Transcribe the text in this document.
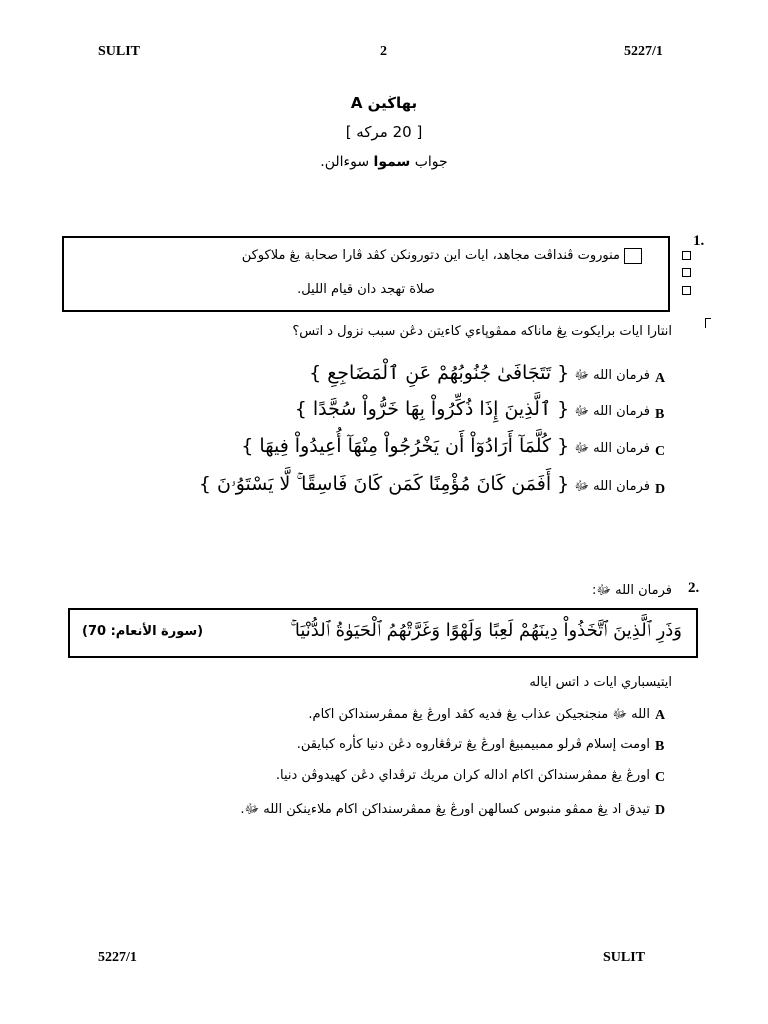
SULIT	2	5227/1
بهاڬين A
[ 20 مركه ]
جواب سموا سوءالن.
1.
منوروت ڤنداڤت مجاهد، ايات اين دتورونكن كڤد ڤارا صحابة يڠ ملاكوكن
صلاة تهجد دان قيام الليل.
انتارا ايات برايكوت يڠ ماناكه ممڤوڽاءي كاءيتن دڠن سبب نزول د اتس؟
A
فرمان الله ﷻ { تَتَجَافَىٰ جُنُوبُهُمْ عَنِ ٱلْمَضَاجِعِ }
B
فرمان الله ﷻ { ٱلَّذِينَ إِذَا ذُكِّرُواْ بِهَا خَرُّواْ سُجَّدًا }
C
فرمان الله ﷻ { كُلَّمَآ أَرَادُوٓاْ أَن يَخْرُجُواْ مِنْهَآ أُعِيدُواْ فِيهَا }
D
فرمان الله ﷻ { أَفَمَن كَانَ مُؤْمِنًا كَمَن كَانَ فَاسِقًا ۚ لَّا يَسْتَوُۥنَ }
2.
فرمان الله ﷻ:
وَذَرِ ٱلَّذِينَ ٱتَّخَذُواْ دِينَهُمْ لَعِبًا وَلَهْوًا وَغَرَّتْهُمُ ٱلْحَيَوٰةُ ٱلدُّنْيَا ۚ
(سورة الأنعام: 70)
ايتيسباري ايات د اتس اياله
A
الله ﷻ منجنجيكن عذاب يڠ فديه كڤد اورڠ يڠ ممڤرسنداكن اكام.
B
اومت إسلام ڤرلو ممبيمبيڠ اورڠ يڠ ترڤڠاروه دڠن دنيا كأره كبايقن.
C
اورڠ يڠ ممڤرسنداكن اكام اداله كران مريك ترڤداي دڠن كهيدوڤن دنيا.
D
تيدق اد يڠ ممڤو منبوس كسالهن اورڠ يڠ ممڤرسنداكن اكام ملاءينكن الله ﷻ.
5227/1	SULIT
